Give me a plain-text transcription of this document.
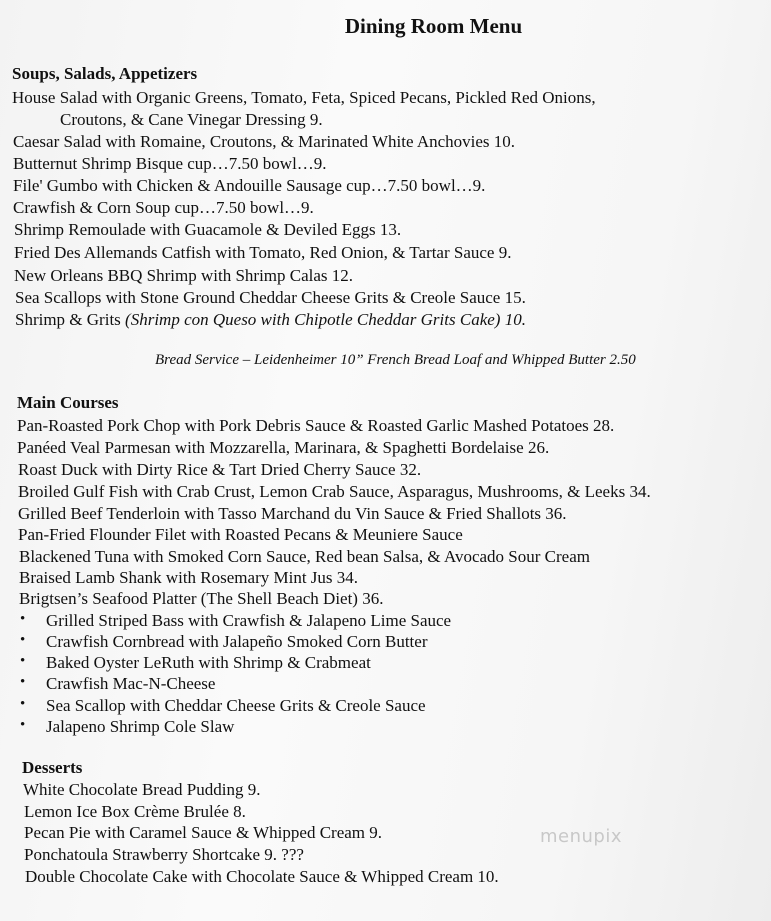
Dining Room Menu
Soups, Salads, Appetizers
House Salad with Organic Greens, Tomato, Feta, Spiced Pecans, Pickled Red Onions,
Croutons, & Cane Vinegar Dressing 9.
Caesar Salad with Romaine, Croutons, & Marinated White Anchovies 10.
Butternut Shrimp Bisque cup…7.50 bowl…9.
File' Gumbo with Chicken & Andouille Sausage cup…7.50 bowl…9.
Crawfish & Corn Soup cup…7.50 bowl…9.
Shrimp Remoulade with Guacamole & Deviled Eggs 13.
Fried Des Allemands Catfish with Tomato, Red Onion, & Tartar Sauce 9.
New Orleans BBQ Shrimp with Shrimp Calas 12.
Sea Scallops with Stone Ground Cheddar Cheese Grits & Creole Sauce 15.
Shrimp & Grits (Shrimp con Queso with Chipotle Cheddar Grits Cake) 10.
Bread Service – Leidenheimer 10” French Bread Loaf and Whipped Butter 2.50
Main Courses
Pan-Roasted Pork Chop with Pork Debris Sauce & Roasted Garlic Mashed Potatoes 28.
Panéed Veal Parmesan with Mozzarella, Marinara, & Spaghetti Bordelaise 26.
Roast Duck with Dirty Rice & Tart Dried Cherry Sauce 32.
Broiled Gulf Fish with Crab Crust, Lemon Crab Sauce, Asparagus, Mushrooms, & Leeks 34.
Grilled Beef Tenderloin with Tasso Marchand du Vin Sauce & Fried Shallots 36.
Pan-Fried Flounder Filet with Roasted Pecans & Meuniere Sauce
Blackened Tuna with Smoked Corn Sauce, Red bean Salsa, & Avocado Sour Cream
Braised Lamb Shank with Rosemary Mint Jus 34.
Brigtsen’s Seafood Platter (The Shell Beach Diet) 36.
• Grilled Striped Bass with Crawfish & Jalapeno Lime Sauce
• Crawfish Cornbread with Jalapeño Smoked Corn Butter
• Baked Oyster LeRuth with Shrimp & Crabmeat
• Crawfish Mac-N-Cheese
• Sea Scallop with Cheddar Cheese Grits & Creole Sauce
• Jalapeno Shrimp Cole Slaw
Desserts
White Chocolate Bread Pudding 9.
Lemon Ice Box Crème Brulée 8.
Pecan Pie with Caramel Sauce & Whipped Cream 9.
Ponchatoula Strawberry Shortcake 9. ???
Double Chocolate Cake with Chocolate Sauce & Whipped Cream 10.
menupix
